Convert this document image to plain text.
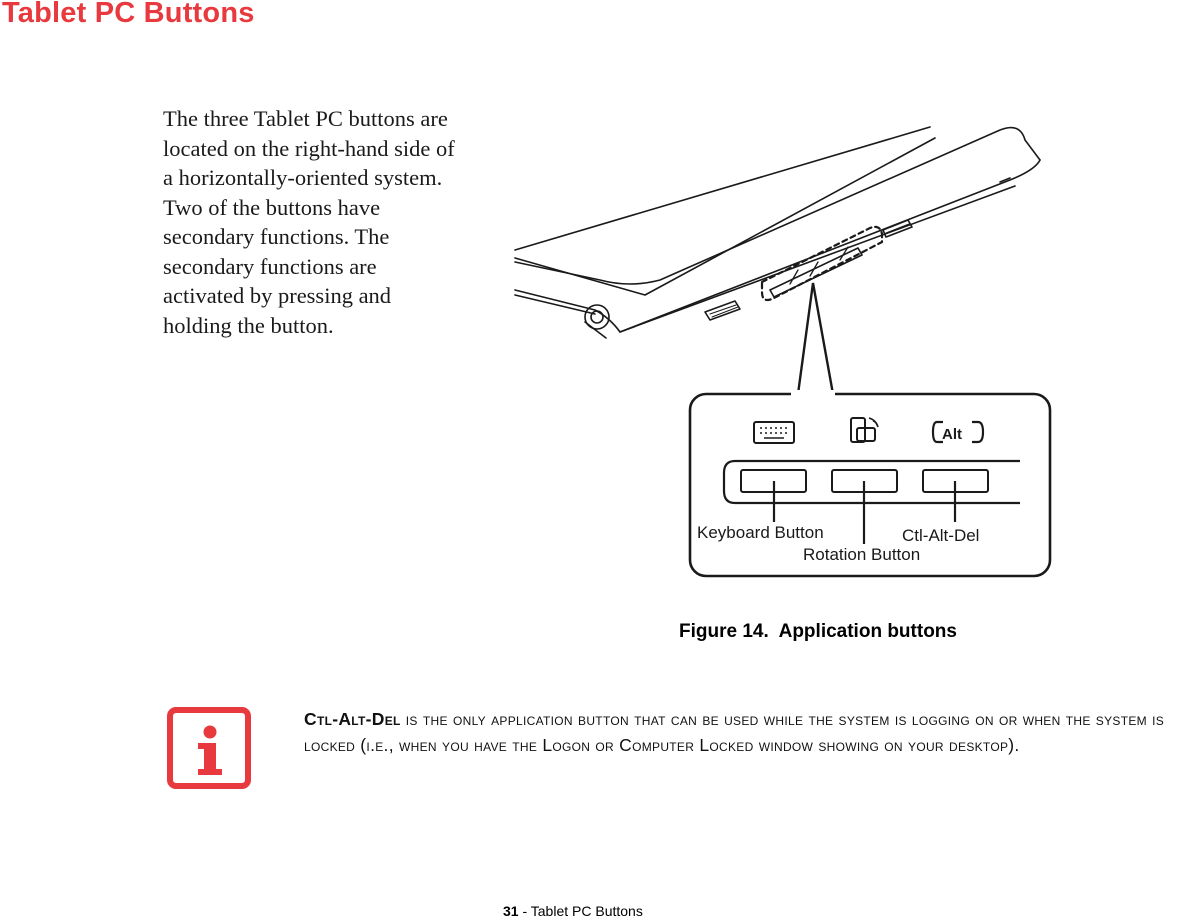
Tablet PC Buttons
The three Tablet PC buttons are located on the right-hand side of a horizontally-oriented system. Two of the buttons have secondary functions. The secondary functions are activated by pressing and holding the button.
Alt
Keyboard Button	Ctl-Alt-Del
Rotation Button
Figure 14.  Application buttons
Ctl-Alt-Del is the only application button that can be used while the system is logging on or when the system is locked (i.e., when you have the Logon or Computer Locked window showing on your desktop).
31 - Tablet PC Buttons
